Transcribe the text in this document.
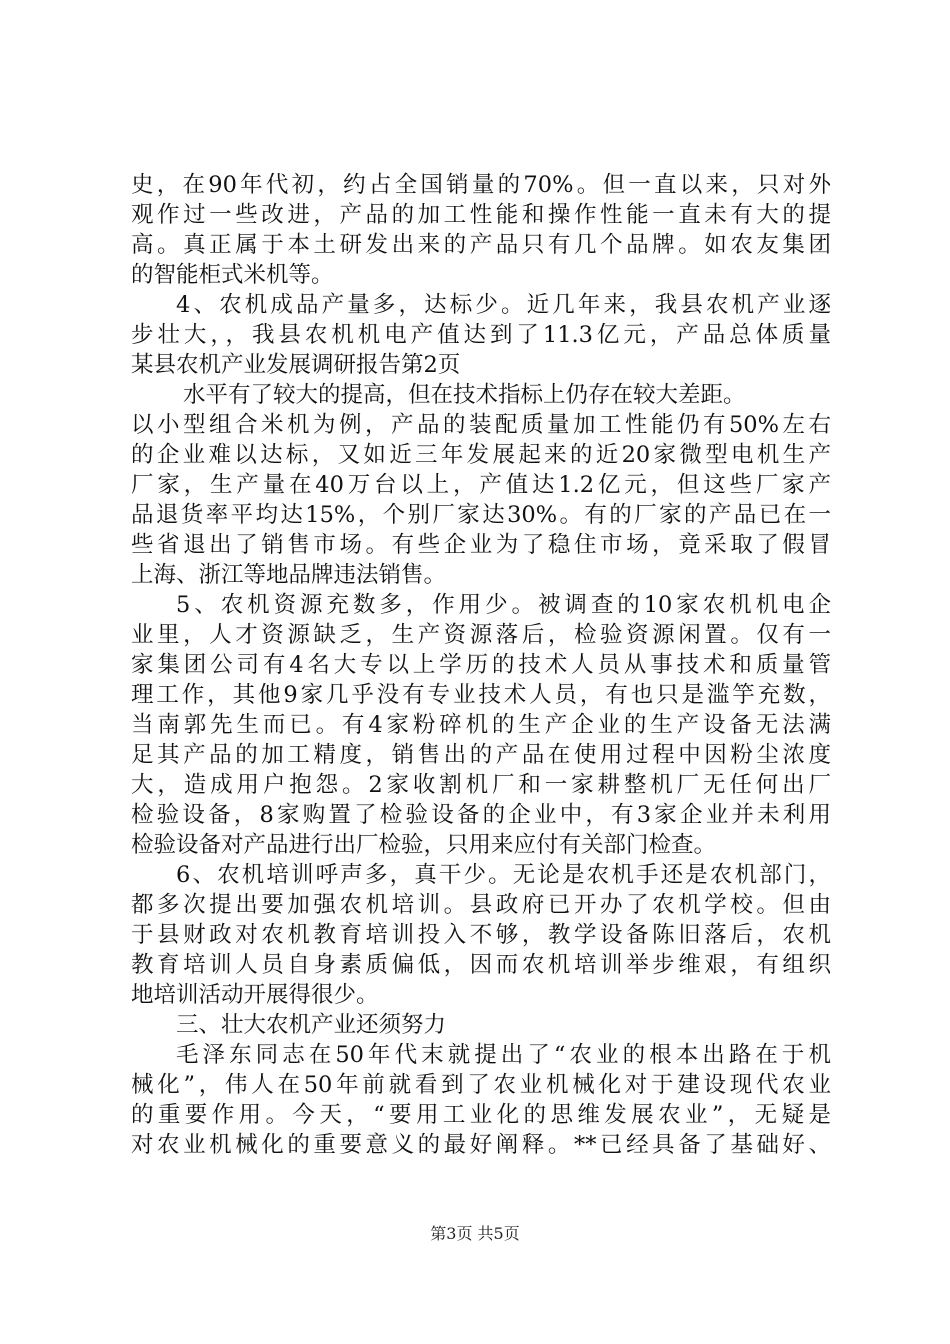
史，在90年代初，约占全国销量的70%。但一直以来，只对外
观作过一些改进，产品的加工性能和操作性能一直未有大的提
高。真正属于本土研发出来的产品只有几个品牌。如农友集团
的智能柜式米机等。
4、农机成品产量多，达标少。近几年来，我县农机产业逐
步壮大，，我县农机机电产值达到了11.3亿元，产品总体质量
某县农机产业发展调研报告第2页
水平有了较大的提高，但在技术指标上仍存在较大差距。
以小型组合米机为例，产品的装配质量加工性能仍有50%左右
的企业难以达标，又如近三年发展起来的近20家微型电机生产
厂家，生产量在40万台以上，产值达1.2亿元，但这些厂家产
品退货率平均达15%，个别厂家达30%。有的厂家的产品已在一
些省退出了销售市场。有些企业为了稳住市场，竟采取了假冒
上海、浙江等地品牌违法销售。
5、农机资源充数多，作用少。被调查的10家农机机电企
业里，人才资源缺乏，生产资源落后，检验资源闲置。仅有一
家集团公司有4名大专以上学历的技术人员从事技术和质量管
理工作，其他9家几乎没有专业技术人员，有也只是滥竽充数，
当南郭先生而已。有4家粉碎机的生产企业的生产设备无法满
足其产品的加工精度，销售出的产品在使用过程中因粉尘浓度
大，造成用户抱怨。2家收割机厂和一家耕整机厂无任何出厂
检验设备，8家购置了检验设备的企业中，有3家企业并未利用
检验设备对产品进行出厂检验，只用来应付有关部门检查。
6、农机培训呼声多，真干少。无论是农机手还是农机部门，
都多次提出要加强农机培训。县政府已开办了农机学校。但由
于县财政对农机教育培训投入不够，教学设备陈旧落后，农机
教育培训人员自身素质偏低，因而农机培训举步维艰，有组织
地培训活动开展得很少。
三、壮大农机产业还须努力
毛泽东同志在50年代末就提出了“农业的根本出路在于机
械化”，伟人在50年前就看到了农业机械化对于建设现代农业
的重要作用。今天，“要用工业化的思维发展农业”，无疑是
对农业机械化的重要意义的最好阐释。**已经具备了基础好、
第3页 共5页
